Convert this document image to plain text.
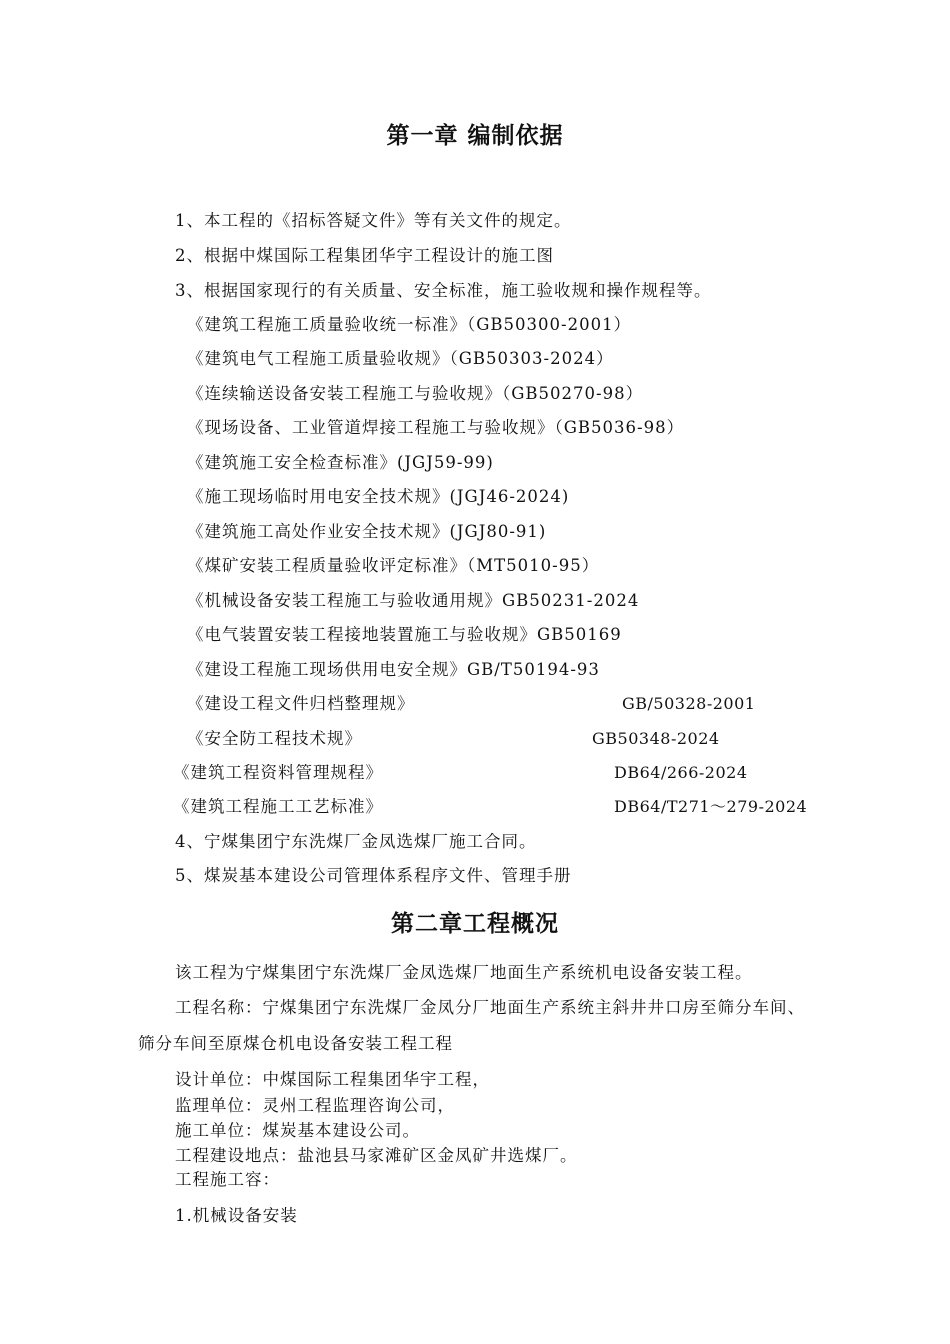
第一章 编制依据
1、本工程的《招标答疑文件》等有关文件的规定。
2、根据中煤国际工程集团华宇工程设计的施工图
3、根据国家现行的有关质量、安全标准，施工验收规和操作规程等。
《建筑工程施工质量验收统一标准》（GB50300-2001）
《建筑电气工程施工质量验收规》（GB50303-2024）
《连续输送设备安装工程施工与验收规》（GB50270-98）
《现场设备、工业管道焊接工程施工与验收规》（GB5036-98）
《建筑施工安全检查标准》(JGJ59-99)
《施工现场临时用电安全技术规》(JGJ46-2024)
《建筑施工高处作业安全技术规》(JGJ80-91)
《煤矿安装工程质量验收评定标准》（MT5010-95）
《机械设备安装工程施工与验收通用规》GB50231-2024
《电气装置安装工程接地装置施工与验收规》GB50169
《建设工程施工现场供用电安全规》GB/T50194-93
《建设工程文件归档整理规》	GB/50328-2001
《安全防工程技术规》	GB50348-2024
《建筑工程资料管理规程》	DB64/266-2024
《建筑工程施工工艺标准》	DB64/T271～279-2024
4、宁煤集团宁东洗煤厂金凤选煤厂施工合同。
5、煤炭基本建设公司管理体系程序文件、管理手册
第二章工程概况
该工程为宁煤集团宁东洗煤厂金凤选煤厂地面生产系统机电设备安装工程。
工程名称：宁煤集团宁东洗煤厂金凤分厂地面生产系统主斜井井口房至筛分车间、
筛分车间至原煤仓机电设备安装工程工程
设计单位：中煤国际工程集团华宇工程，
监理单位：灵州工程监理咨询公司，
施工单位：煤炭基本建设公司。
工程建设地点：盐池县马家滩矿区金凤矿井选煤厂。
工程施工容：
1.机械设备安装
